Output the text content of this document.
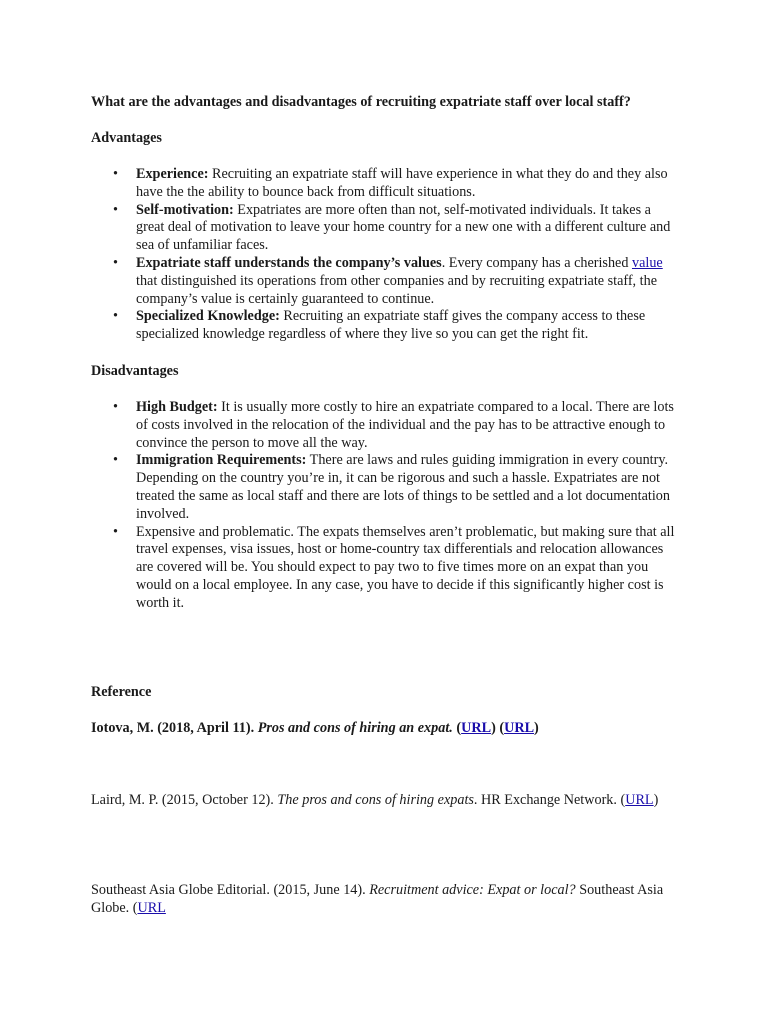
What are the advantages and disadvantages of recruiting expatriate staff over local staff?

Advantages

• Experience: Recruiting an expatriate staff will have experience in what they do and they also have the the ability to bounce back from difficult situations.
• Self-motivation: Expatriates are more often than not, self-motivated individuals. It takes a great deal of motivation to leave your home country for a new one with a different culture and sea of unfamiliar faces.
• Expatriate staff understands the company’s values. Every company has a cherished value that distinguished its operations from other companies and by recruiting expatriate staff, the company’s value is certainly guaranteed to continue.
• Specialized Knowledge: Recruiting an expatriate staff gives the company access to these specialized knowledge regardless of where they live so you can get the right fit.

Disadvantages

• High Budget: It is usually more costly to hire an expatriate compared to a local. There are lots of costs involved in the relocation of the individual and the pay has to be attractive enough to convince the person to move all the way.
• Immigration Requirements: There are laws and rules guiding immigration in every country. Depending on the country you’re in, it can be rigorous and such a hassle. Expatriates are not treated the same as local staff and there are lots of things to be settled and a lot documentation involved.
• Expensive and problematic. The expats themselves aren’t problematic, but making sure that all travel expenses, visa issues, host or home-country tax differentials and relocation allowances are covered will be. You should expect to pay two to five times more on an expat than you would on a local employee. In any case, you have to decide if this significantly higher cost is worth it.

Reference

Iotova, M. (2018, April 11). Pros and cons of hiring an expat. (URL) (URL)

Laird, M. P. (2015, October 12). The pros and cons of hiring expats. HR Exchange Network. (URL)

Southeast Asia Globe Editorial. (2015, June 14). Recruitment advice: Expat or local? Southeast Asia Globe. (URL
